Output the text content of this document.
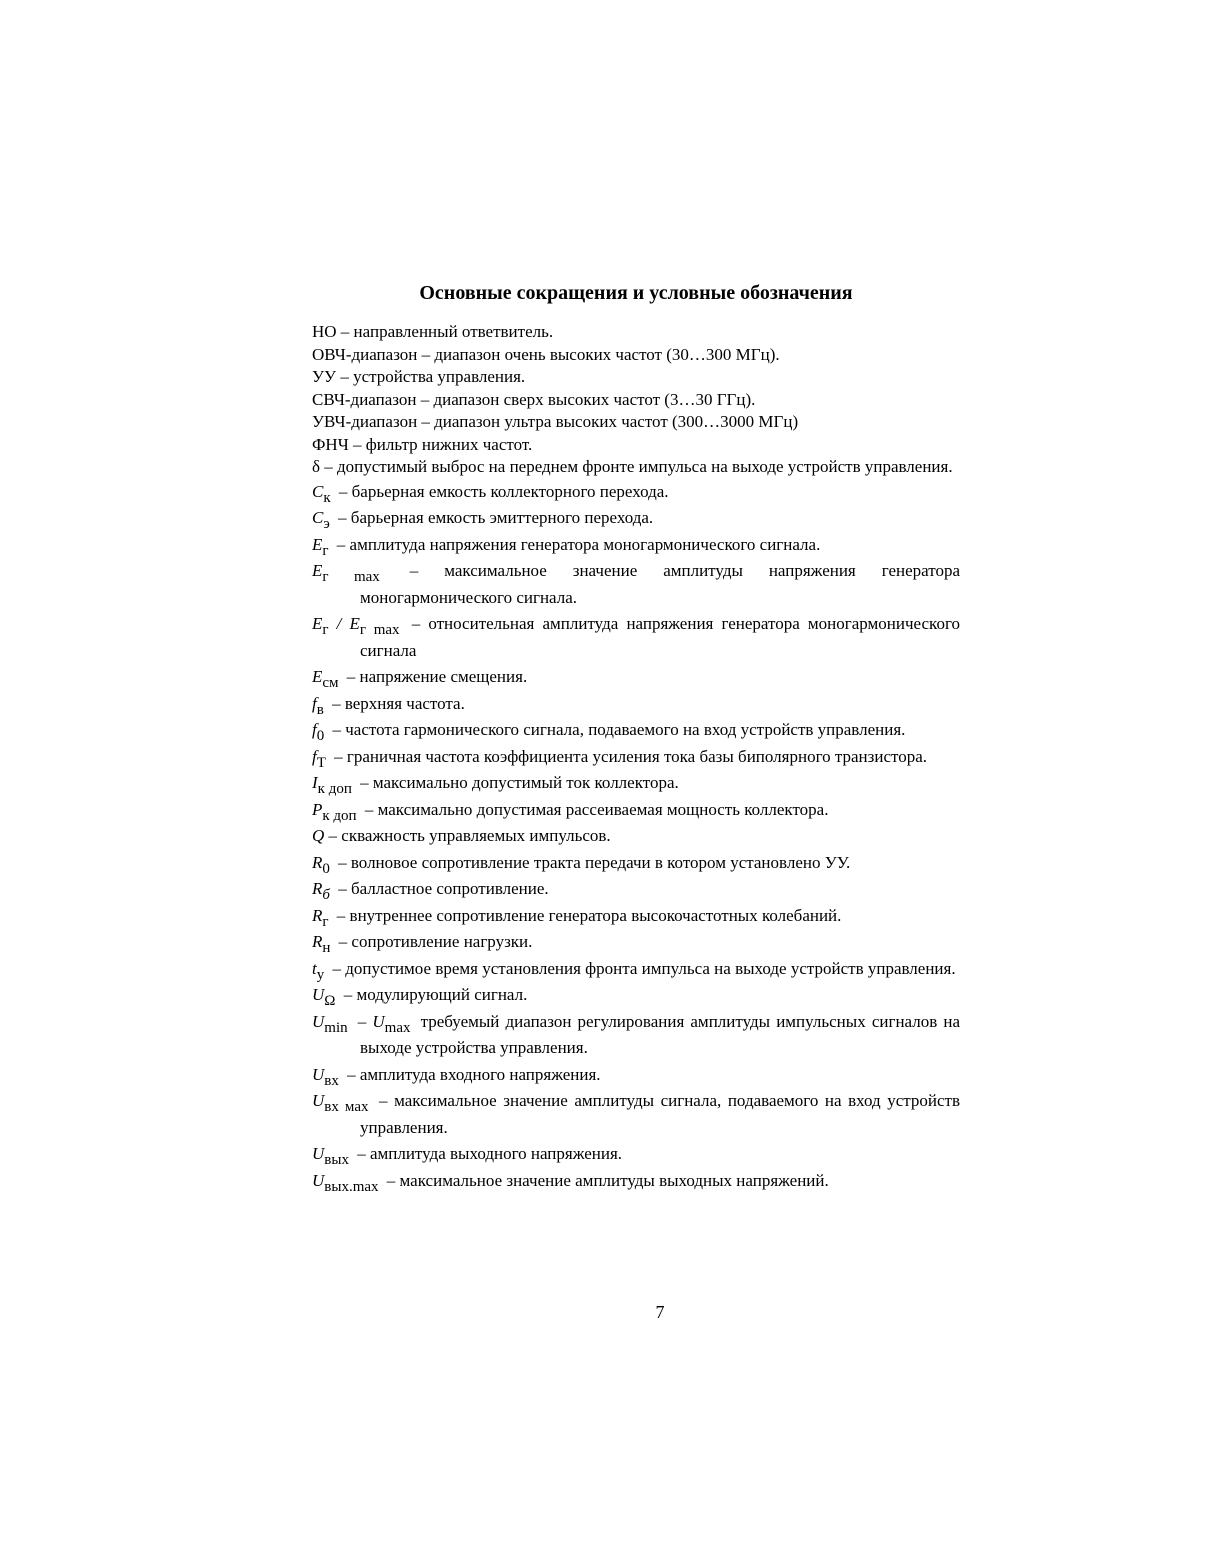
Основные сокращения и условные обозначения
НО – направленный ответвитель.
ОВЧ-диапазон – диапазон очень высоких частот (30…300 МГц).
УУ – устройства управления.
СВЧ-диапазон – диапазон сверх высоких частот (3…30 ГГц).
УВЧ-диапазон – диапазон ультра высоких частот (300…3000 МГц)
ФНЧ – фильтр нижних частот.
δ – допустимый выброс на переднем фронте импульса на выходе устройств управления.
Cк – барьерная емкость коллекторного перехода.
Cэ – барьерная емкость эмиттерного перехода.
Eг – амплитуда напряжения генератора моногармонического сигнала.
Eг max – максимальное значение амплитуды напряжения генератора моногармонического сигнала.
Eг / Eг max – относительная амплитуда напряжения генератора моногармонического сигнала
Eсм – напряжение смещения.
fв – верхняя частота.
f0 – частота гармонического сигнала, подаваемого на вход устройств управления.
fT – граничная частота коэффициента усиления тока базы биполярного транзистора.
Iк доп – максимально допустимый ток коллектора.
Pк доп – максимально допустимая рассеиваемая мощность коллектора.
Q – скважность управляемых импульсов.
R0 – волновое сопротивление тракта передачи в котором установлено УУ.
Rб – балластное сопротивление.
Rг – внутреннее сопротивление генератора высокочастотных колебаний.
Rн – сопротивление нагрузки.
tу – допустимое время установления фронта импульса на выходе устройств управления.
UΩ – модулирующий сигнал.
Umin – Umax требуемый диапазон регулирования амплитуды импульсных сигналов на выходе устройства управления.
Uвх – амплитуда входного напряжения.
Uвх мах – максимальное значение амплитуды сигнала, подаваемого на вход устройств управления.
Uвых – амплитуда выходного напряжения.
Uвых.max – максимальное значение амплитуды выходных напряжений.
7
